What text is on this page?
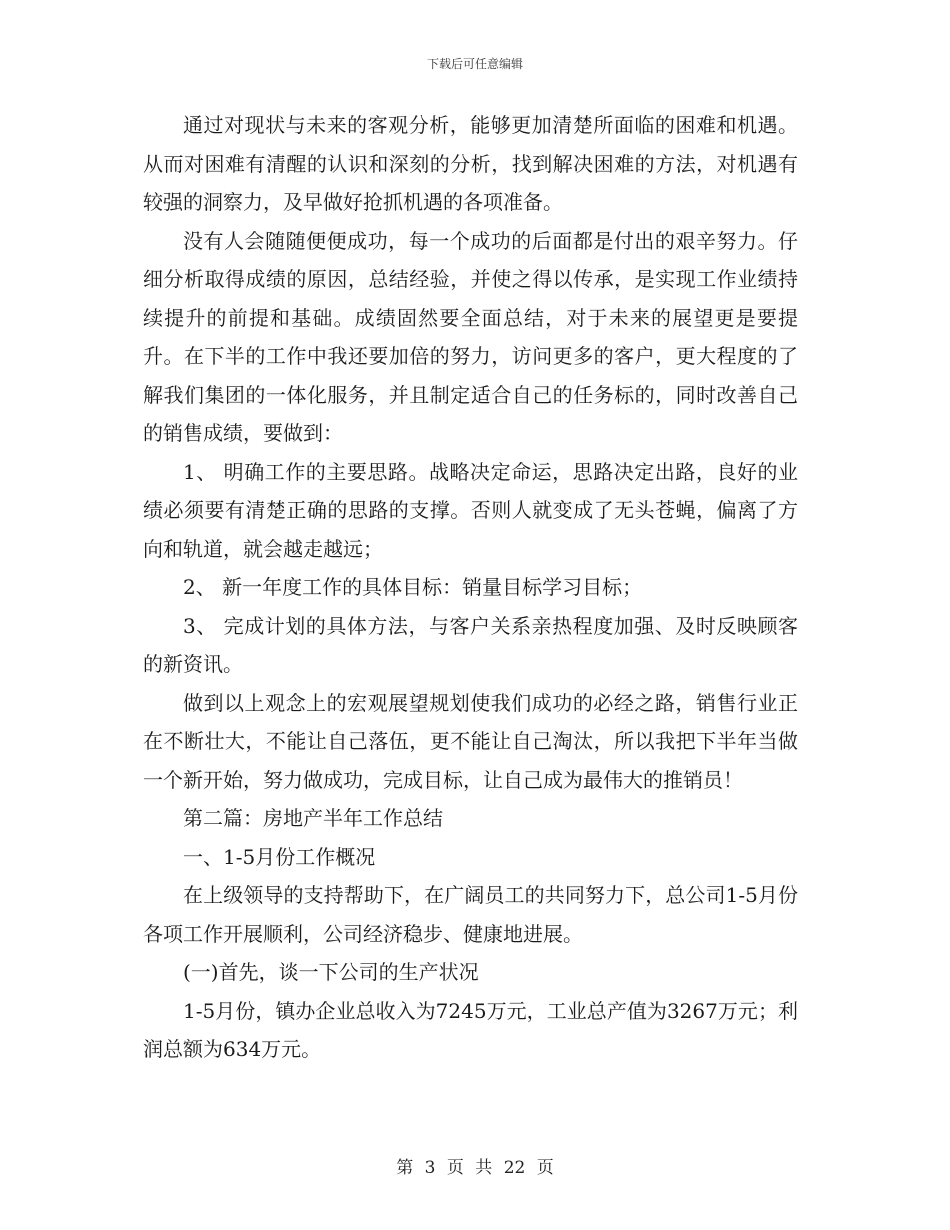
下载后可任意编辑

通过对现状与未来的客观分析，能够更加清楚所面临的困难和机遇。从而对困难有清醒的认识和深刻的分析，找到解决困难的方法，对机遇有较强的洞察力，及早做好抢抓机遇的各项准备。

没有人会随随便便成功，每一个成功的后面都是付出的艰辛努力。仔细分析取得成绩的原因，总结经验，并使之得以传承，是实现工作业绩持续提升的前提和基础。成绩固然要全面总结，对于未来的展望更是要提升。在下半的工作中我还要加倍的努力，访问更多的客户，更大程度的了解我们集团的一体化服务，并且制定适合自己的任务标的，同时改善自己的销售成绩，要做到：

1、 明确工作的主要思路。战略决定命运，思路决定出路，良好的业绩必须要有清楚正确的思路的支撑。否则人就变成了无头苍蝇，偏离了方向和轨道，就会越走越远；

2、 新一年度工作的具体目标：销量目标学习目标；

3、 完成计划的具体方法，与客户关系亲热程度加强、及时反映顾客的新资讯。

做到以上观念上的宏观展望规划使我们成功的必经之路，销售行业正在不断壮大，不能让自己落伍，更不能让自己淘汰，所以我把下半年当做一个新开始，努力做成功，完成目标，让自己成为最伟大的推销员！

第二篇：房地产半年工作总结

一、1-5月份工作概况

在上级领导的支持帮助下，在广阔员工的共同努力下，总公司1-5月份各项工作开展顺利，公司经济稳步、健康地进展。

(一)首先，谈一下公司的生产状况

1-5月份，镇办企业总收入为7245万元，工业总产值为3267万元；利润总额为634万元。

第 3 页 共 22 页
